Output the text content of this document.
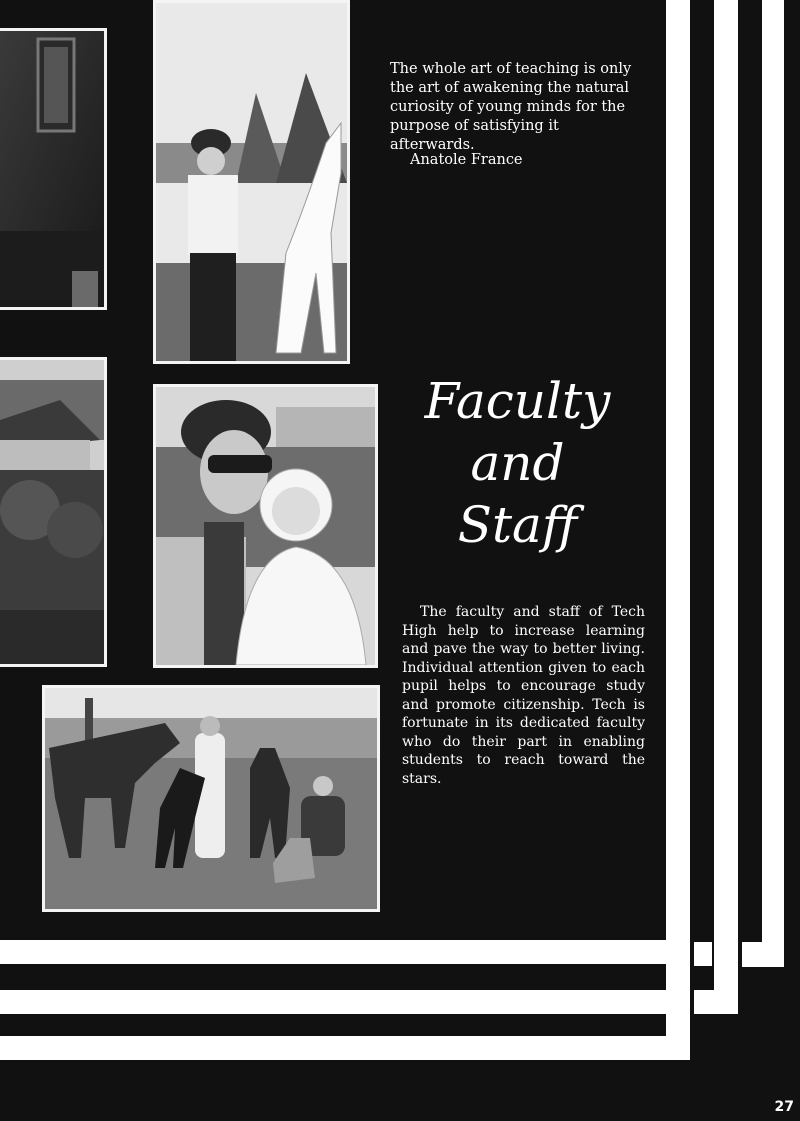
The whole art of teaching is only the art of awakening the natural curiosity of young minds for the purpose of satisfying it afterwards.

Anatole France
Faculty
and
Staff

The faculty and staff of Tech High help to increase learning and pave the way to better living. Individual attention given to each pupil helps to encourage study and promote citizenship. Tech is fortunate in its dedicated faculty who do their part in enabling students to reach toward the stars.

27
